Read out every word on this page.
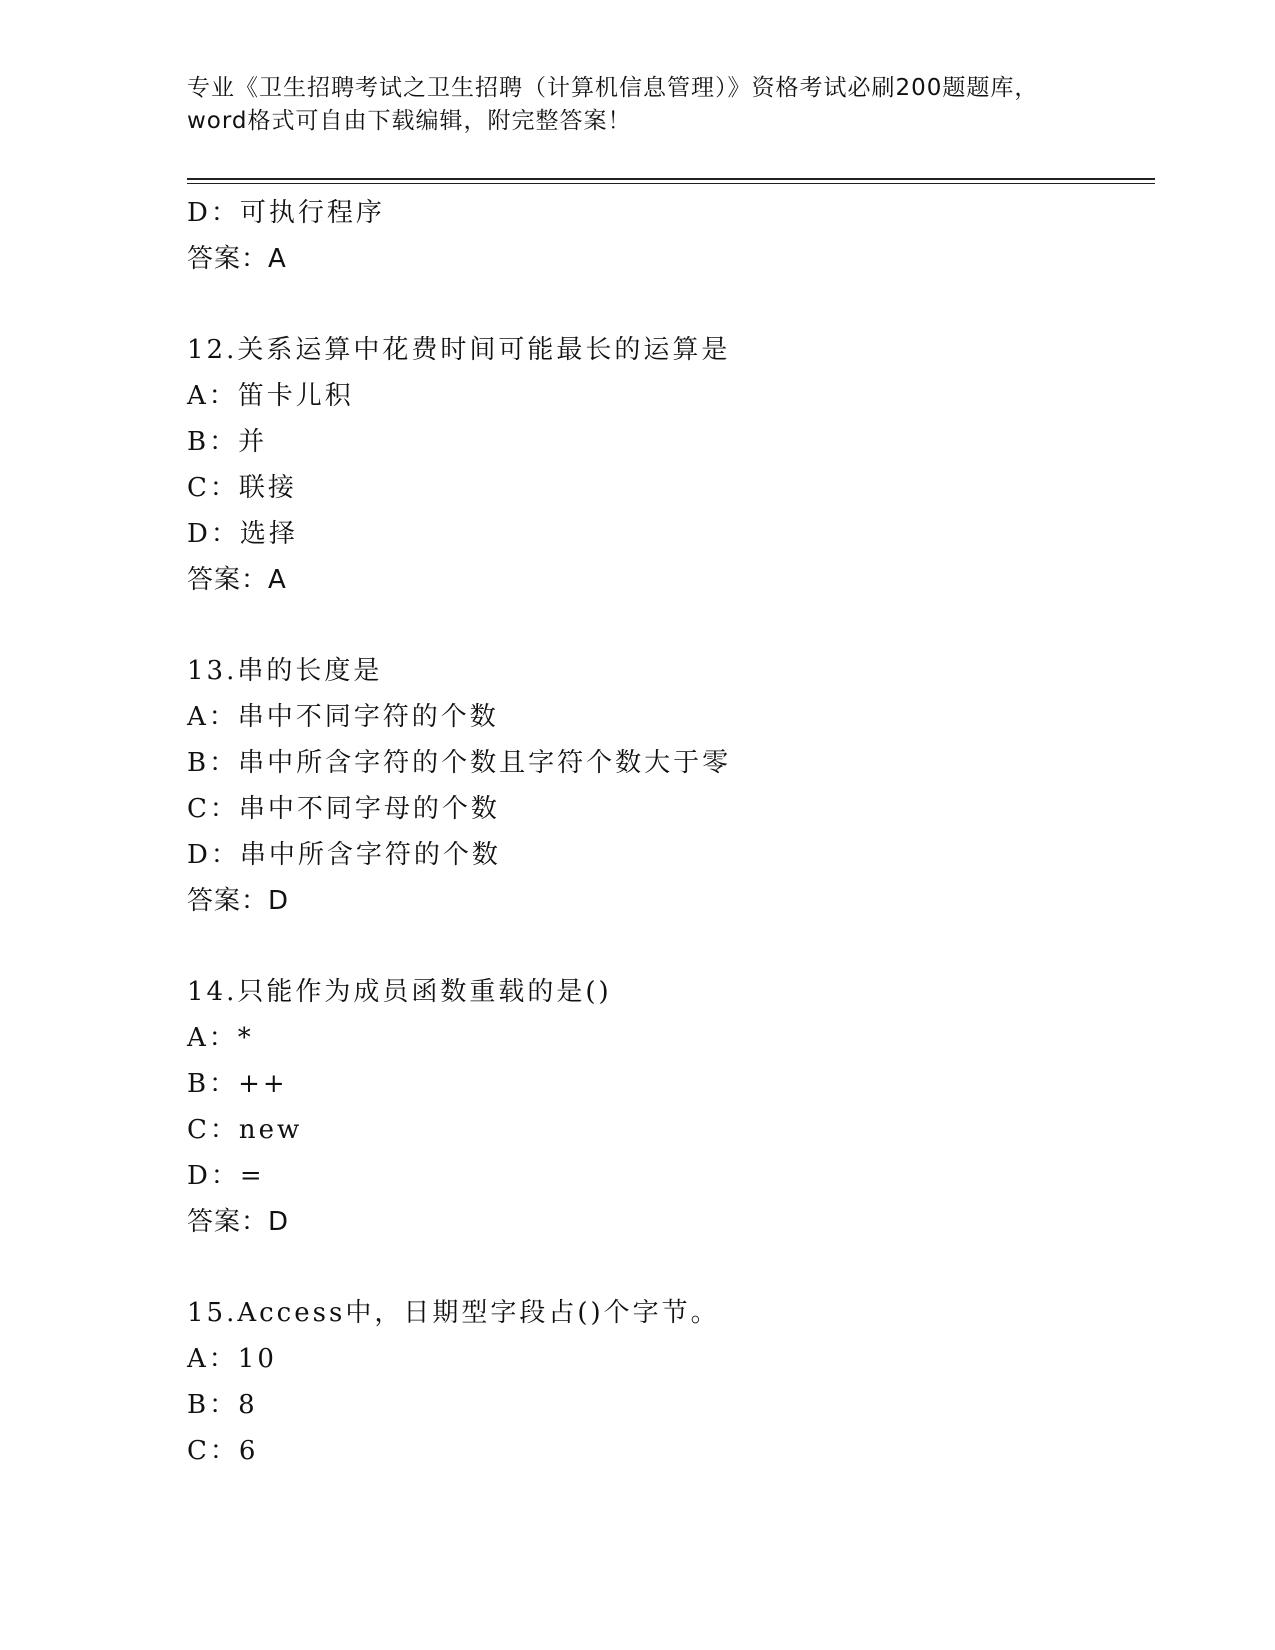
专业《卫生招聘考试之卫生招聘（计算机信息管理）》资格考试必刷200题题库，
word格式可自由下载编辑，附完整答案！
D：可执行程序
答案：A
12.关系运算中花费时间可能最长的运算是
A：笛卡儿积
B：并
C：联接
D：选择
答案：A
13.串的长度是
A：串中不同字符的个数
B：串中所含字符的个数且字符个数大于零
C：串中不同字母的个数
D：串中所含字符的个数
答案：D
14.只能作为成员函数重载的是()
A：*
B：++
C：new
D：=
答案：D
15.Access中，日期型字段占()个字节。
A：10
B：8
C：6
